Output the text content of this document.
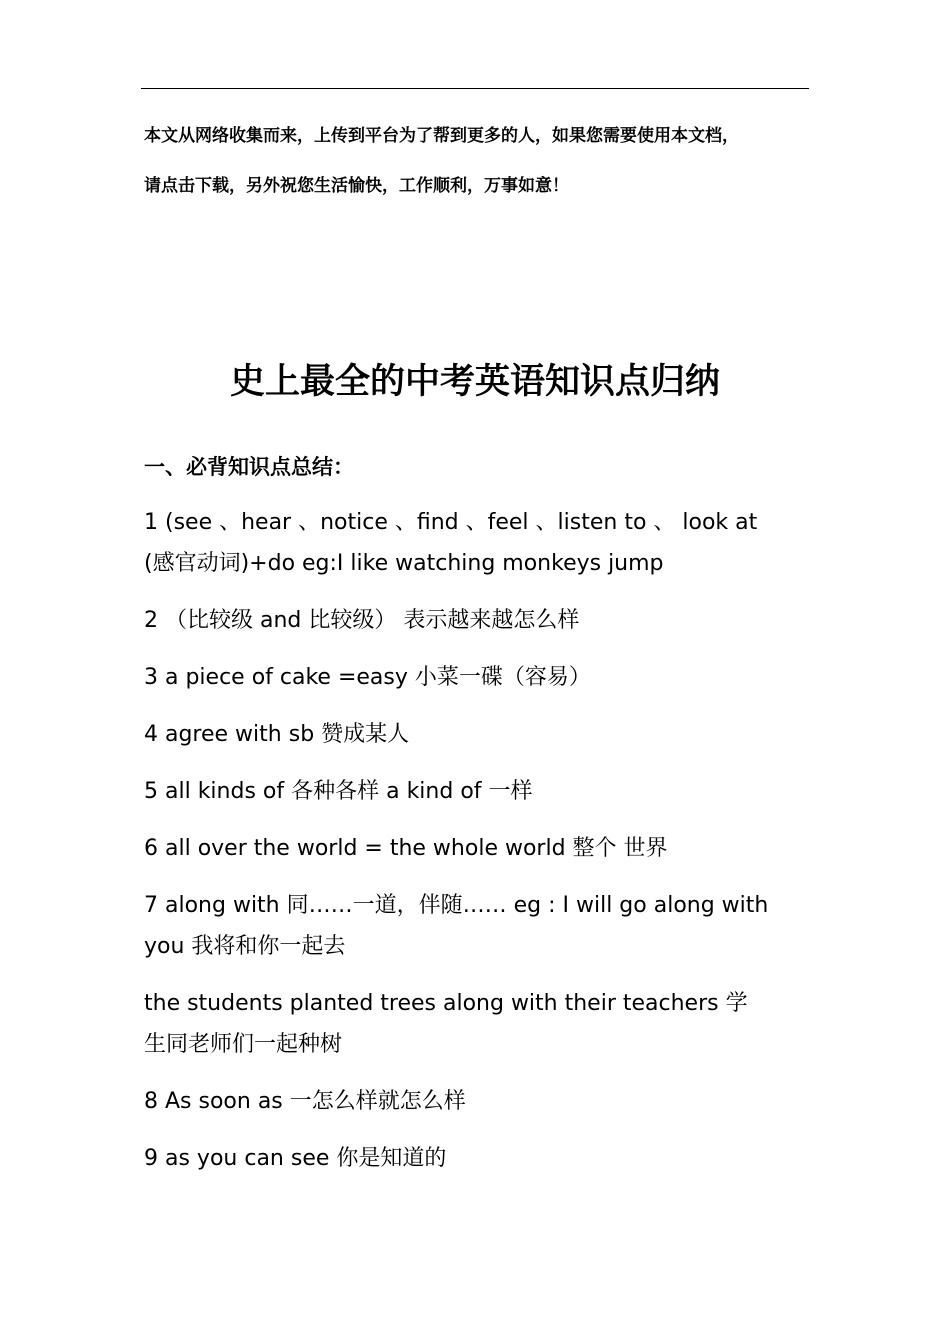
本文从网络收集而来，上传到平台为了帮到更多的人，如果您需要使用本文档，
请点击下载，另外祝您生活愉快，工作顺利，万事如意！
史上最全的中考英语知识点归纳
一、必背知识点总结：
1 (see 、hear 、notice 、find 、feel 、listen to 、 look at
(感官动词)+do eg:I like watching monkeys jump
2 （比较级 and 比较级） 表示越来越怎么样
3 a piece of cake =easy 小菜一碟（容易）
4 agree with sb 赞成某人
5 all kinds of 各种各样 a kind of 一样
6 all over the world = the whole world 整个 世界
7 along with 同……一道，伴随…… eg : I will go along with
you 我将和你一起去
the students planted trees along with their teachers 学
生同老师们一起种树
8 As soon as 一怎么样就怎么样
9 as you can see 你是知道的
